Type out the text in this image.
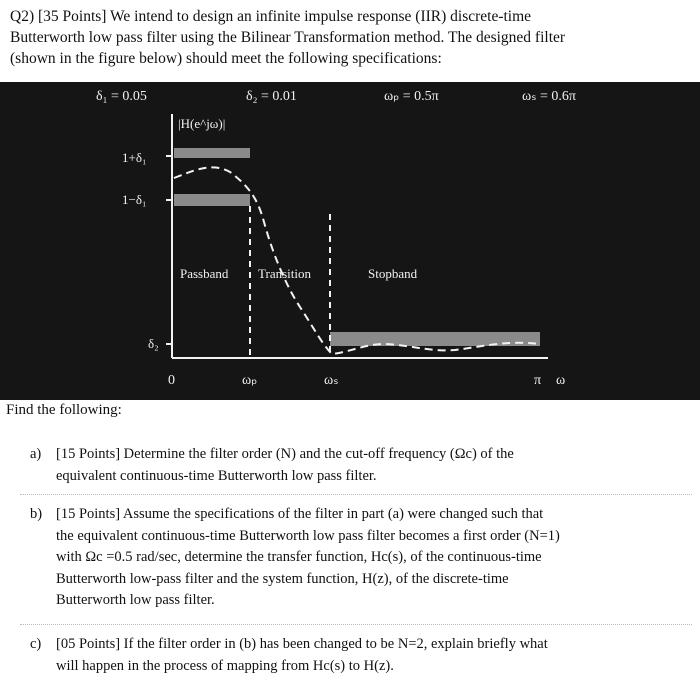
Q2) [35 Points] We intend to design an infinite impulse response (IIR) discrete-time
Butterworth low pass filter using the Bilinear Transformation method. The designed filter
(shown in the figure below) should meet the following specifications:
δ₁ = 0.05	δ₂ = 0.01	ωₚ = 0.5π	ωₛ = 0.6π
|H(e^jω)|
1+δ₁
1−δ₁
δ₂
Passband Transition	Stopband
0	ωₚ	ωₛ	π ω
Find the following:
a) [15 Points] Determine the filter order (N) and the cut-off frequency (Ωc) of the
equivalent continuous-time Butterworth low pass filter.
b) [15 Points] Assume the specifications of the filter in part (a) were changed such that
the equivalent continuous-time Butterworth low pass filter becomes a first order (N=1)
with Ωc =0.5 rad/sec, determine the transfer function, Hc(s), of the continuous-time
Butterworth low-pass filter and the system function, H(z), of the discrete-time
Butterworth low pass filter.
c) [05 Points] If the filter order in (b) has been changed to be N=2, explain briefly what
will happen in the process of mapping from Hc(s) to H(z).
